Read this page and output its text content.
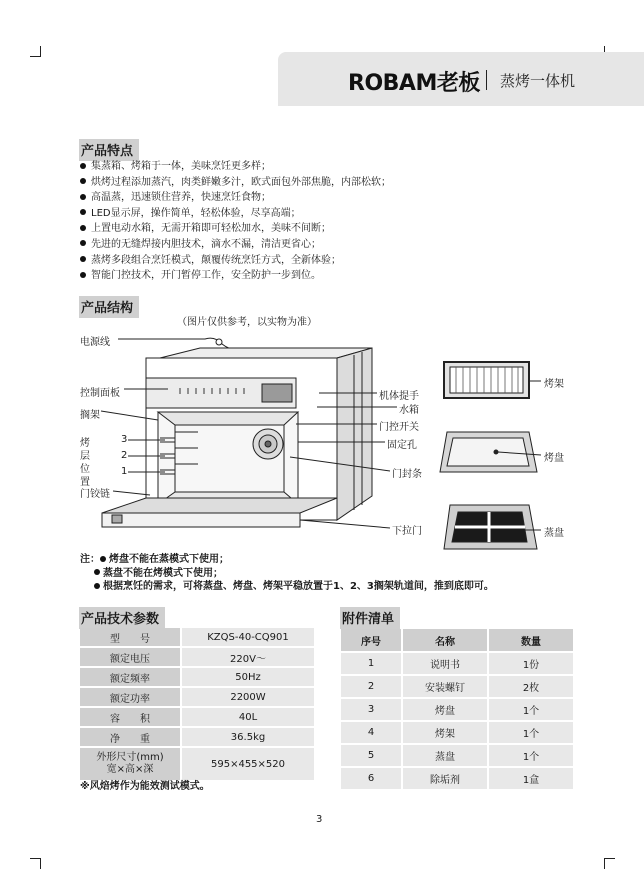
ROBAM老板 蒸烤一体机
产品特点
集蒸箱、烤箱于一体，美味烹饪更多样；
烘烤过程添加蒸汽，肉类鲜嫩多汁，欧式面包外部焦脆，内部松软；
高温蒸，迅速锁住营养，快速烹饪食物；
LED显示屏，操作简单，轻松体验，尽享高端；
上置电动水箱，无需开箱即可轻松加水，美味不间断；
先进的无缝焊接内胆技术，滴水不漏，清洁更省心；
蒸烤多段组合烹饪模式，颠覆传统烹饪方式，全新体验；
智能门控技术，开门暂停工作，安全防护一步到位。
产品结构
（图片仅供参考，以实物为准）
电源线
控制面板
搁架
烤
层
位
置
3
2
1
门铰链
机体提手
水箱
门控开关
固定孔
门封条
下拉门
烤架
烤盘
蒸盘
注： 烤盘不能在蒸模式下使用；
蒸盘不能在烤模式下使用；
根据烹饪的需求，可将蒸盘、烤盘、烤架平稳放置于1、2、3搁架轨道间，推到底即可。
产品技术参数
型　　号	KZQS-40-CQ901
额定电压	220V～
额定频率	50Hz
额定功率	2200W
容　　积	40L
净　　重	36.5kg

外形尺寸(mm)
宽×高×深	595×455×520
※风焙烤作为能效测试模式。
附件清单
序号	名称	数量
1	说明书	1份
2	安装螺钉	2枚
3	烤盘	1个
4	烤架	1个
5	蒸盘	1个
6	除垢剂	1盒
3
